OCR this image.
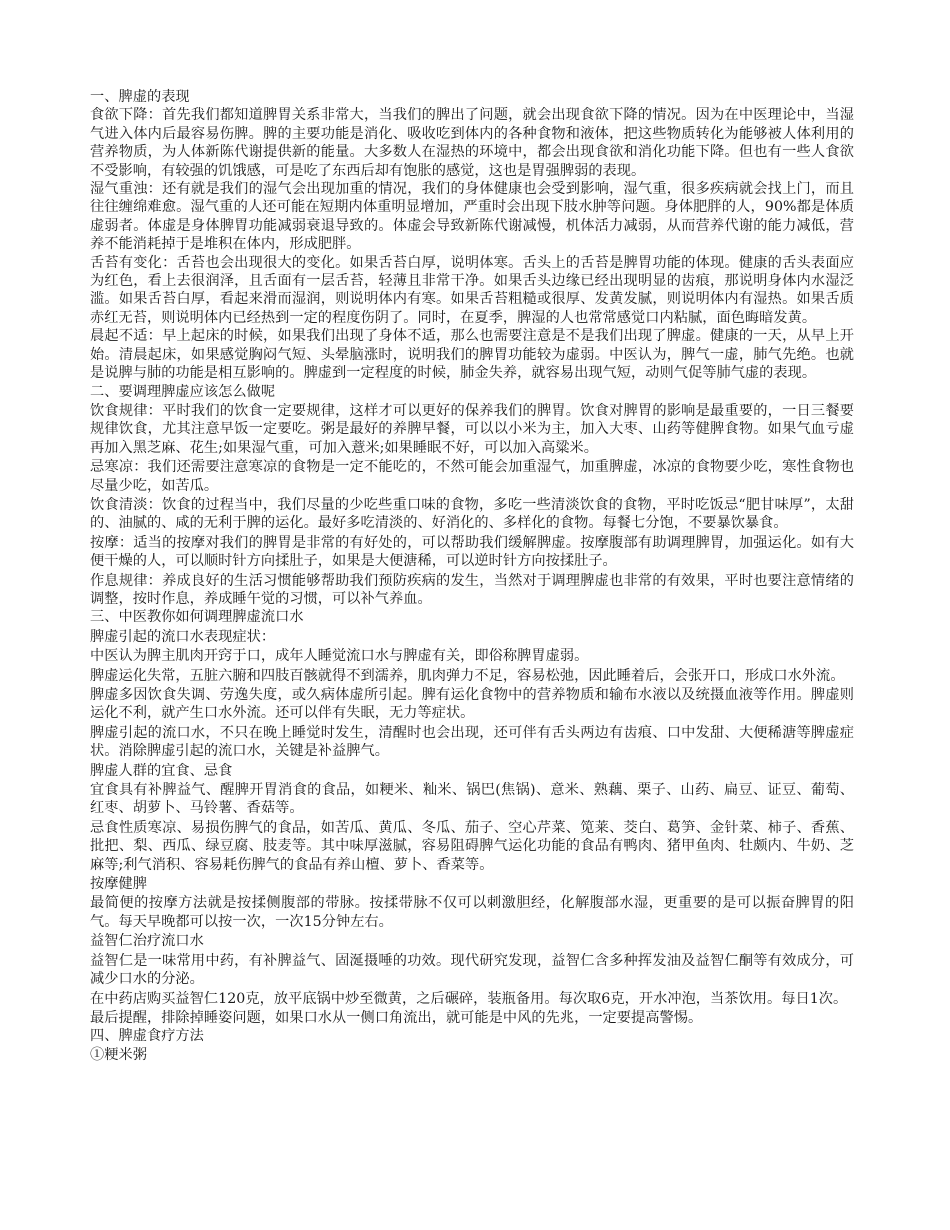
一、脾虚的表现

食欲下降：首先我们都知道脾胃关系非常大，当我们的脾出了问题，就会出现食欲下降的情况。因为在中医理论中，当湿气进入体内后最容易伤脾。脾的主要功能是消化、吸收吃到体内的各种食物和液体，把这些物质转化为能够被人体利用的营养物质，为人体新陈代谢提供新的能量。大多数人在湿热的环境中，都会出现食欲和消化功能下降。但也有一些人食欲不受影响，有较强的饥饿感，可是吃了东西后却有饱胀的感觉，这也是胃强脾弱的表现。

湿气重浊：还有就是我们的湿气会出现加重的情况，我们的身体健康也会受到影响，湿气重，很多疾病就会找上门，而且往往缠绵难愈。湿气重的人还可能在短期内体重明显增加，严重时会出现下肢水肿等问题。身体肥胖的人，90%都是体质虚弱者。体虚是身体脾胃功能减弱衰退导致的。体虚会导致新陈代谢减慢，机体活力减弱，从而营养代谢的能力减低，营养不能消耗掉于是堆积在体内，形成肥胖。

舌苔有变化：舌苔也会出现很大的变化。如果舌苔白厚，说明体寒。舌头上的舌苔是脾胃功能的体现。健康的舌头表面应为红色，看上去很润泽，且舌面有一层舌苔，轻薄且非常干净。如果舌头边缘已经出现明显的齿痕，那说明身体内水湿泛滥。如果舌苔白厚，看起来滑而湿润，则说明体内有寒。如果舌苔粗糙或很厚、发黄发腻，则说明体内有湿热。如果舌质赤红无苔，则说明体内已经热到一定的程度伤阴了。同时，在夏季，脾湿的人也常常感觉口内粘腻，面色晦暗发黄。

晨起不适：早上起床的时候，如果我们出现了身体不适，那么也需要注意是不是我们出现了脾虚。健康的一天，从早上开始。清晨起床，如果感觉胸闷气短、头晕脑涨时，说明我们的脾胃功能较为虚弱。中医认为，脾气一虚，肺气先绝。也就是说脾与肺的功能是相互影响的。脾虚到一定程度的时候，肺金失养，就容易出现气短，动则气促等肺气虚的表现。

二、要调理脾虚应该怎么做呢

饮食规律：平时我们的饮食一定要规律，这样才可以更好的保养我们的脾胃。饮食对脾胃的影响是最重要的，一日三餐要规律饮食，尤其注意早饭一定要吃。粥是最好的养脾早餐，可以以小米为主，加入大枣、山药等健脾食物。如果气血亏虚再加入黑芝麻、花生;如果湿气重，可加入薏米;如果睡眠不好，可以加入高粱米。

忌寒凉：我们还需要注意寒凉的食物是一定不能吃的，不然可能会加重湿气，加重脾虚，冰凉的食物要少吃，寒性食物也尽量少吃，如苦瓜。

饮食清淡：饮食的过程当中，我们尽量的少吃些重口味的食物，多吃一些清淡饮食的食物，平时吃饭忌“肥甘味厚”，太甜的、油腻的、咸的无利于脾的运化。最好多吃清淡的、好消化的、多样化的食物。每餐七分饱，不要暴饮暴食。

按摩：适当的按摩对我们的脾胃是非常的有好处的，可以帮助我们缓解脾虚。按摩腹部有助调理脾胃，加强运化。如有大便干燥的人，可以顺时针方向揉肚子，如果是大便溏稀，可以逆时针方向按揉肚子。

作息规律：养成良好的生活习惯能够帮助我们预防疾病的发生，当然对于调理脾虚也非常的有效果，平时也要注意情绪的调整，按时作息，养成睡午觉的习惯，可以补气养血。

三、中医教你如何调理脾虚流口水

脾虚引起的流口水表现症状：

中医认为脾主肌肉开窍于口，成年人睡觉流口水与脾虚有关，即俗称脾胃虚弱。

脾虚运化失常，五脏六腑和四肢百骸就得不到濡养，肌肉弹力不足，容易松弛，因此睡着后，会张开口，形成口水外流。

脾虚多因饮食失调、劳逸失度，或久病体虚所引起。脾有运化食物中的营养物质和输布水液以及统摄血液等作用。脾虚则运化不利，就产生口水外流。还可以伴有失眠，无力等症状。

脾虚引起的流口水，不只在晚上睡觉时发生，清醒时也会出现，还可伴有舌头两边有齿痕、口中发甜、大便稀溏等脾虚症状。消除脾虚引起的流口水，关键是补益脾气。

脾虚人群的宜食、忌食

宜食具有补脾益气、醒脾开胃消食的食品，如粳米、籼米、锅巴(焦锅)、意米、熟藕、栗子、山药、扁豆、证豆、葡萄、红枣、胡萝卜、马铃薯、香菇等。

忌食性质寒凉、易损伤脾气的食品，如苦瓜、黄瓜、冬瓜、茄子、空心芹菜、笕莱、茭白、葛笋、金针菜、柿子、香蕉、批把、梨、西瓜、绿豆腐、肢麦等。其中味厚滋腻，容易阻碍脾气运化功能的食品有鸭肉、猪甲鱼肉、牡颇内、牛奶、芝麻等;利气消积、容易耗伤脾气的食品有养山檀、萝卜、香菜等。

按摩健脾

最简便的按摩方法就是按揉侧腹部的带脉。按揉带脉不仅可以刺激胆经，化解腹部水湿，更重要的是可以振奋脾胃的阳气。每天早晚都可以按一次，一次15分钟左右。

益智仁治疗流口水

益智仁是一味常用中药，有补脾益气、固涎摄唾的功效。现代研究发现，益智仁含多种挥发油及益智仁酮等有效成分，可减少口水的分泌。

在中药店购买益智仁120克，放平底锅中炒至微黄，之后碾碎，装瓶备用。每次取6克，开水冲泡，当茶饮用。每日1次。

最后提醒，排除掉睡姿问题，如果口水从一侧口角流出，就可能是中风的先兆，一定要提高警惕。

四、脾虚食疗方法

①粳米粥
